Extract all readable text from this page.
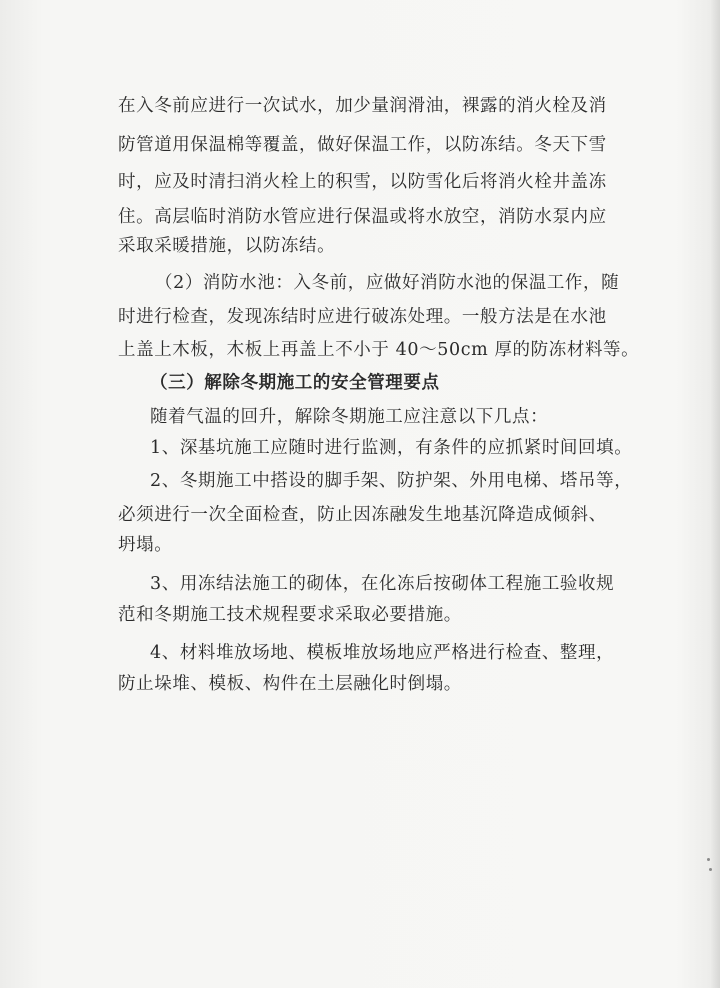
在入冬前应进行一次试水，加少量润滑油，裸露的消火栓及消
防管道用保温棉等覆盖，做好保温工作，以防冻结。冬天下雪
时，应及时清扫消火栓上的积雪，以防雪化后将消火栓井盖冻
住。高层临时消防水管应进行保温或将水放空，消防水泵内应
采取采暖措施，以防冻结。
（2）消防水池：入冬前，应做好消防水池的保温工作，随
时进行检查，发现冻结时应进行破冻处理。一般方法是在水池
上盖上木板，木板上再盖上不小于 40～50cm 厚的防冻材料等。
（三）解除冬期施工的安全管理要点
随着气温的回升，解除冬期施工应注意以下几点：
1、深基坑施工应随时进行监测，有条件的应抓紧时间回填。
2、冬期施工中搭设的脚手架、防护架、外用电梯、塔吊等，
必须进行一次全面检查，防止因冻融发生地基沉降造成倾斜、
坍塌。
3、用冻结法施工的砌体，在化冻后按砌体工程施工验收规
范和冬期施工技术规程要求采取必要措施。
4、材料堆放场地、模板堆放场地应严格进行检查、整理，
防止垛堆、模板、构件在土层融化时倒塌。
